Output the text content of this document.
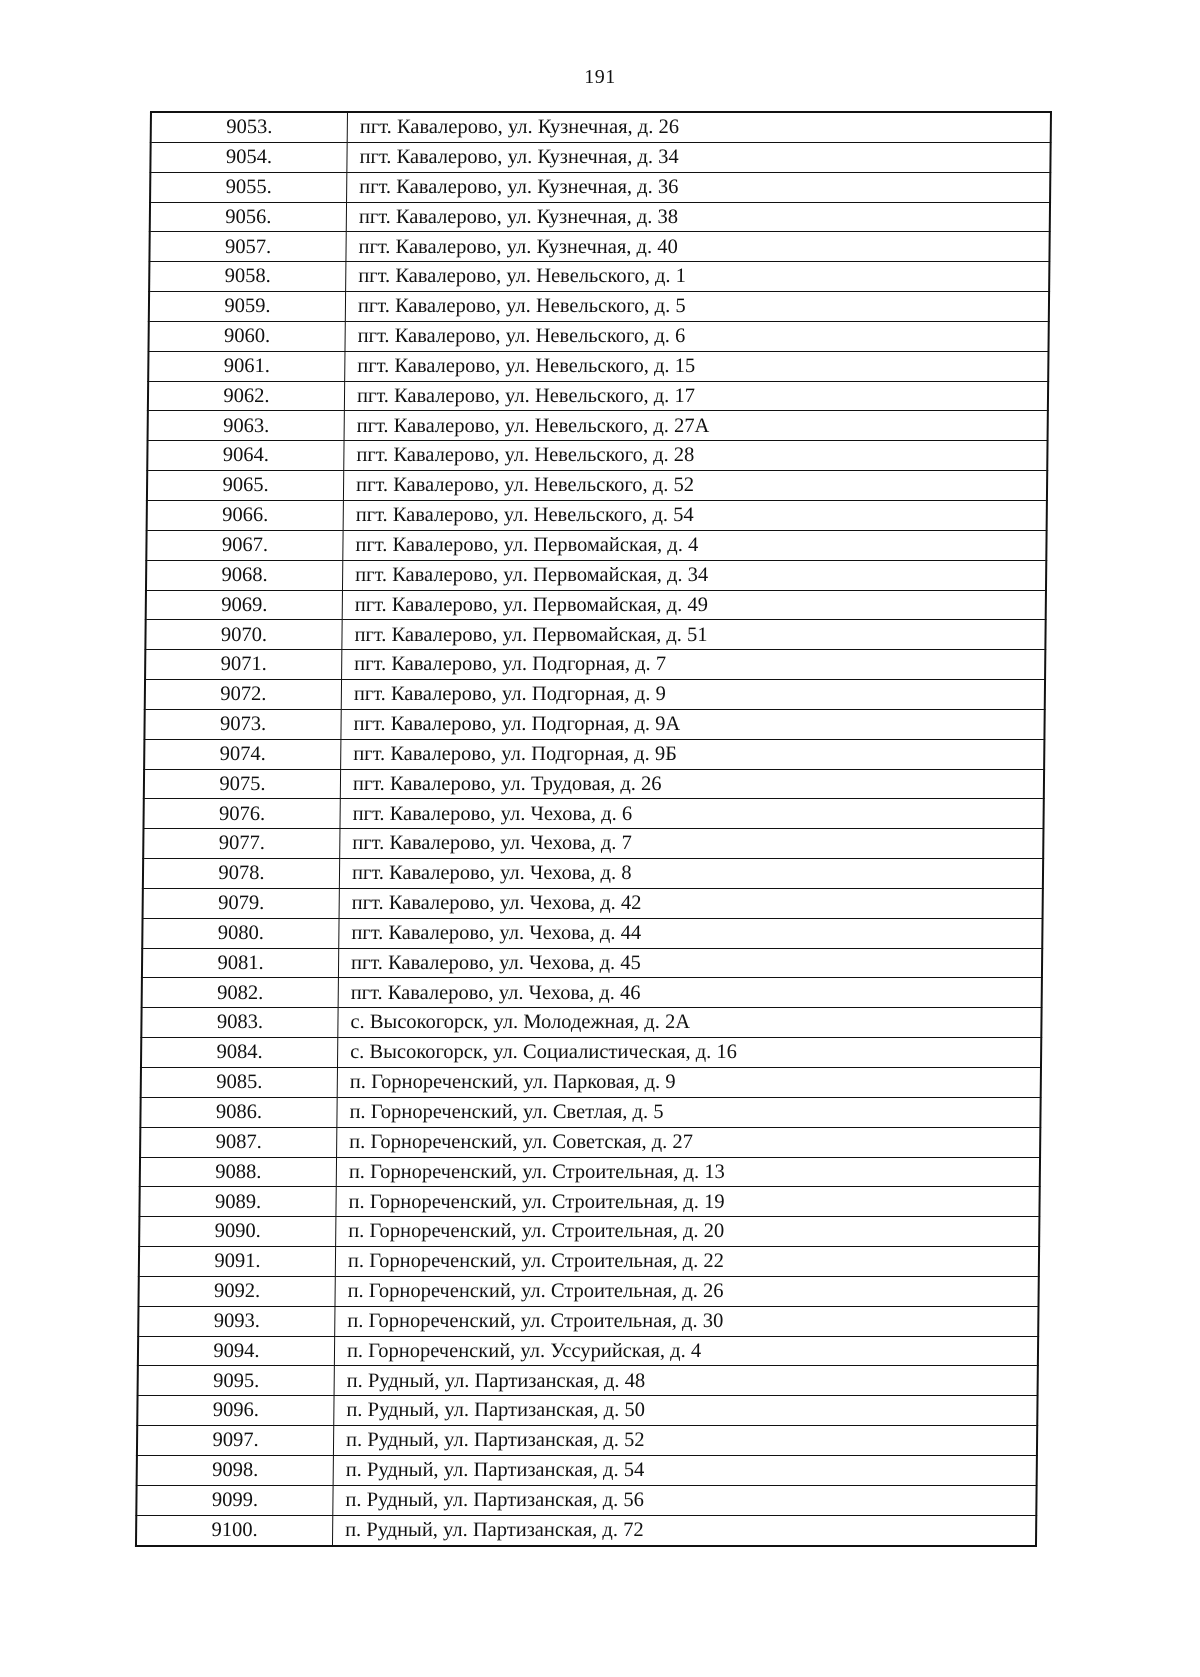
191
9053.	пгт. Кавалерово, ул. Кузнечная, д. 26
9054.	пгт. Кавалерово, ул. Кузнечная, д. 34
9055.	пгт. Кавалерово, ул. Кузнечная, д. 36
9056.	пгт. Кавалерово, ул. Кузнечная, д. 38
9057.	пгт. Кавалерово, ул. Кузнечная, д. 40
9058.	пгт. Кавалерово, ул. Невельского, д. 1
9059.	пгт. Кавалерово, ул. Невельского, д. 5
9060.	пгт. Кавалерово, ул. Невельского, д. 6
9061.	пгт. Кавалерово, ул. Невельского, д. 15
9062.	пгт. Кавалерово, ул. Невельского, д. 17
9063.	пгт. Кавалерово, ул. Невельского, д. 27А
9064.	пгт. Кавалерово, ул. Невельского, д. 28
9065.	пгт. Кавалерово, ул. Невельского, д. 52
9066.	пгт. Кавалерово, ул. Невельского, д. 54
9067.	пгт. Кавалерово, ул. Первомайская, д. 4
9068.	пгт. Кавалерово, ул. Первомайская, д. 34
9069.	пгт. Кавалерово, ул. Первомайская, д. 49
9070.	пгт. Кавалерово, ул. Первомайская, д. 51
9071.	пгт. Кавалерово, ул. Подгорная, д. 7
9072.	пгт. Кавалерово, ул. Подгорная, д. 9
9073.	пгт. Кавалерово, ул. Подгорная, д. 9А
9074.	пгт. Кавалерово, ул. Подгорная, д. 9Б
9075.	пгт. Кавалерово, ул. Трудовая, д. 26
9076.	пгт. Кавалерово, ул. Чехова, д. 6
9077.	пгт. Кавалерово, ул. Чехова, д. 7
9078.	пгт. Кавалерово, ул. Чехова, д. 8
9079.	пгт. Кавалерово, ул. Чехова, д. 42
9080.	пгт. Кавалерово, ул. Чехова, д. 44
9081.	пгт. Кавалерово, ул. Чехова, д. 45
9082.	пгт. Кавалерово, ул. Чехова, д. 46
9083.	с. Высокогорск, ул. Молодежная, д. 2А
9084.	с. Высокогорск, ул. Социалистическая, д. 16
9085.	п. Горнореченский, ул. Парковая, д. 9
9086.	п. Горнореченский, ул. Светлая, д. 5
9087.	п. Горнореченский, ул. Советская, д. 27
9088.	п. Горнореченский, ул. Строительная, д. 13
9089.	п. Горнореченский, ул. Строительная, д. 19
9090.	п. Горнореченский, ул. Строительная, д. 20
9091.	п. Горнореченский, ул. Строительная, д. 22
9092.	п. Горнореченский, ул. Строительная, д. 26
9093.	п. Горнореченский, ул. Строительная, д. 30
9094.	п. Горнореченский, ул. Уссурийская, д. 4
9095.	п. Рудный, ул. Партизанская, д. 48
9096.	п. Рудный, ул. Партизанская, д. 50
9097.	п. Рудный, ул. Партизанская, д. 52
9098.	п. Рудный, ул. Партизанская, д. 54
9099.	п. Рудный, ул. Партизанская, д. 56
9100.	п. Рудный, ул. Партизанская, д. 72
